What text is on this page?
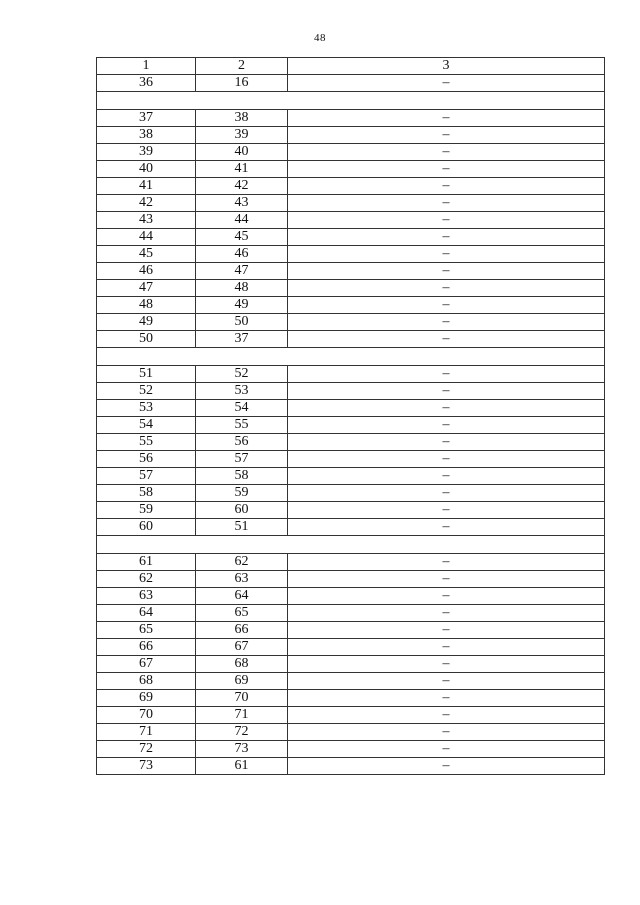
48
1	2	3
36	16	–

37	38	–
38	39	–
39	40	–
40	41	–
41	42	–
42	43	–
43	44	–
44	45	–
45	46	–
46	47	–
47	48	–
48	49	–
49	50	–
50	37	–

51	52	–
52	53	–
53	54	–
54	55	–
55	56	–
56	57	–
57	58	–
58	59	–
59	60	–
60	51	–

61	62	–
62	63	–
63	64	–
64	65	–
65	66	–
66	67	–
67	68	–
68	69	–
69	70	–
70	71	–
71	72	–
72	73	–
73	61	–
